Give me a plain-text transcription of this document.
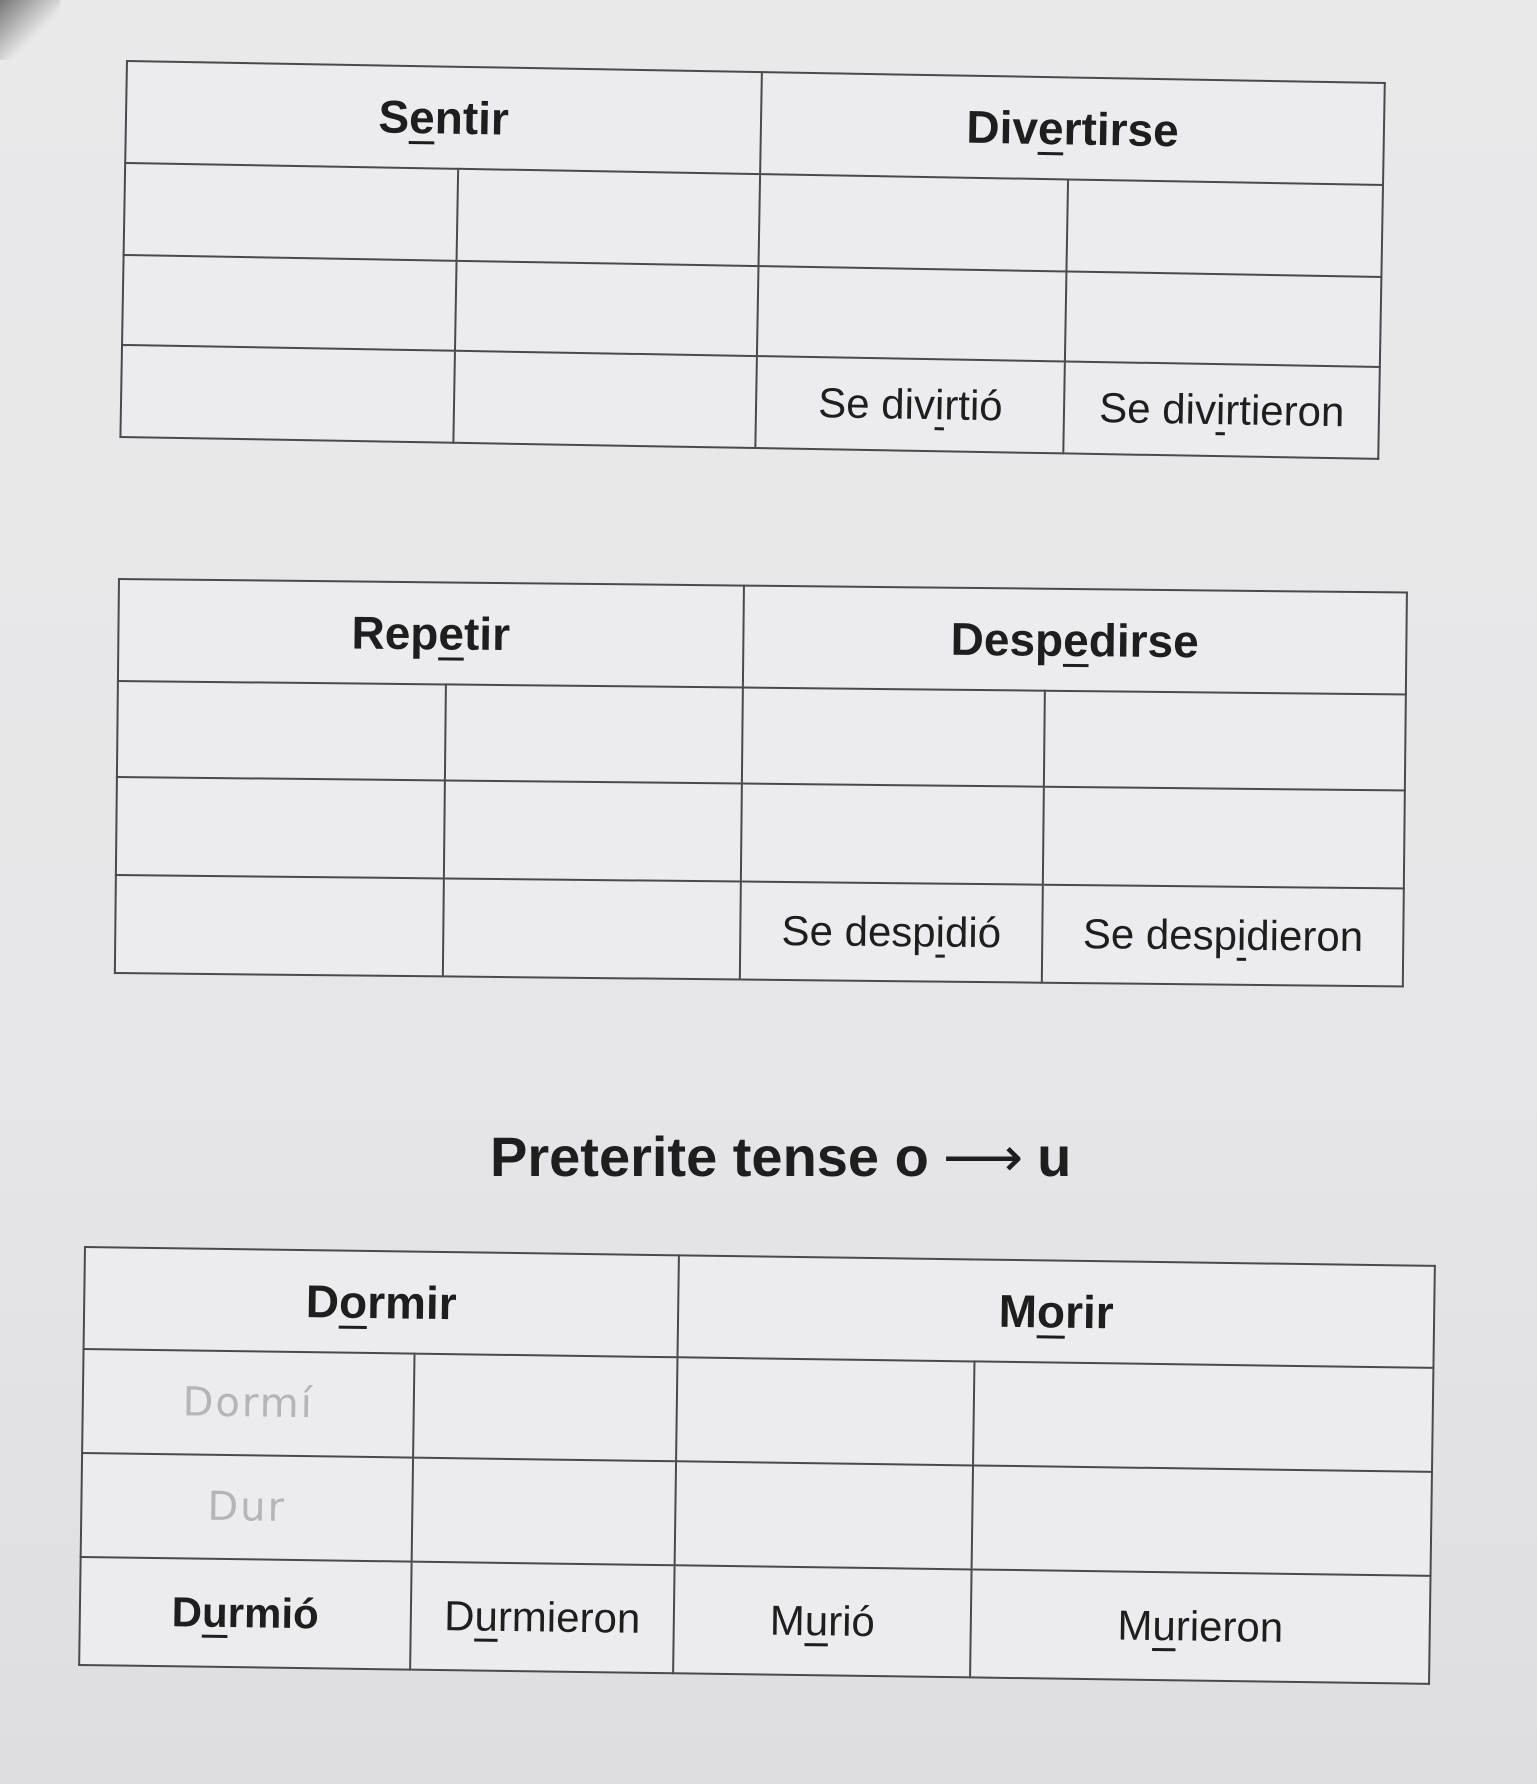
Sentir		Divertirse	

		Se divirtió	Se divirtieron
Repetir		Despedirse	

		Se despidió	Se despidieron
Preterite tense o ⟶ u
Dormir		Morir	
Dormí			
Dur			
Durmió	Durmieron	Murió	Murieron
